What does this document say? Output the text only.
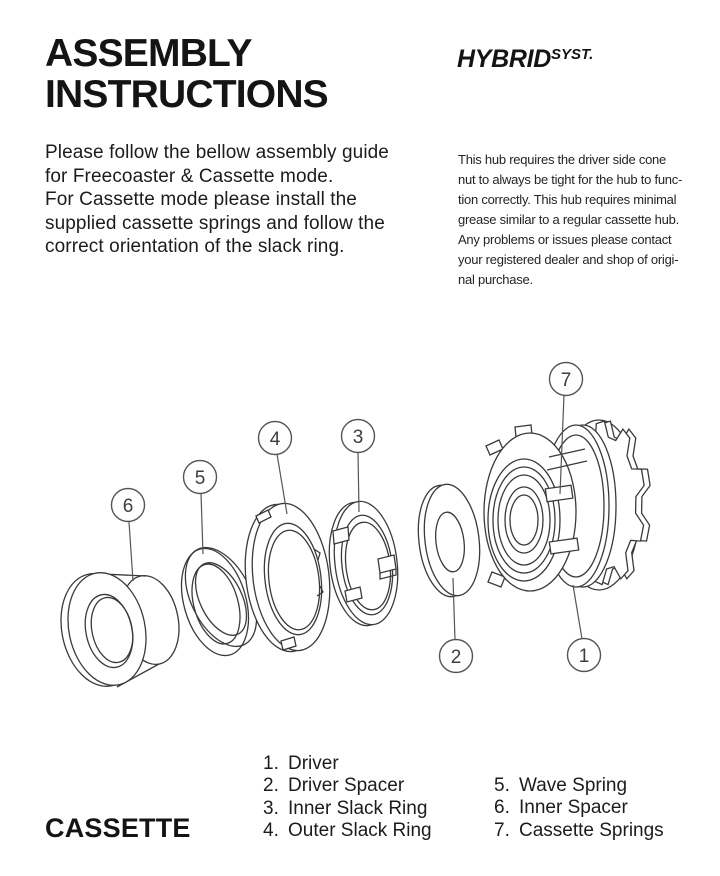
ASSEMBLY
INSTRUCTIONS
$HYBRID^{SYST.}$
Please follow the bellow assembly guide
for Freecoaster & Cassette mode.
For Cassette mode please install the
supplied cassette springs and follow the
correct orientation of the slack ring.
This hub requires the driver side cone
nut to always be tight for the hub to func-
tion correctly. This hub requires minimal
grease similar to a regular cassette hub.
Any problems or issues please contact
your registered dealer and shop of origi-
nal purchase.
6
5
4	3
7
2	1
1. Driver
2. Driver Spacer
3. Inner Slack Ring
4. Outer Slack Ring
5. Wave Spring
6. Inner Spacer
7. Cassette Springs
CASSETTE
